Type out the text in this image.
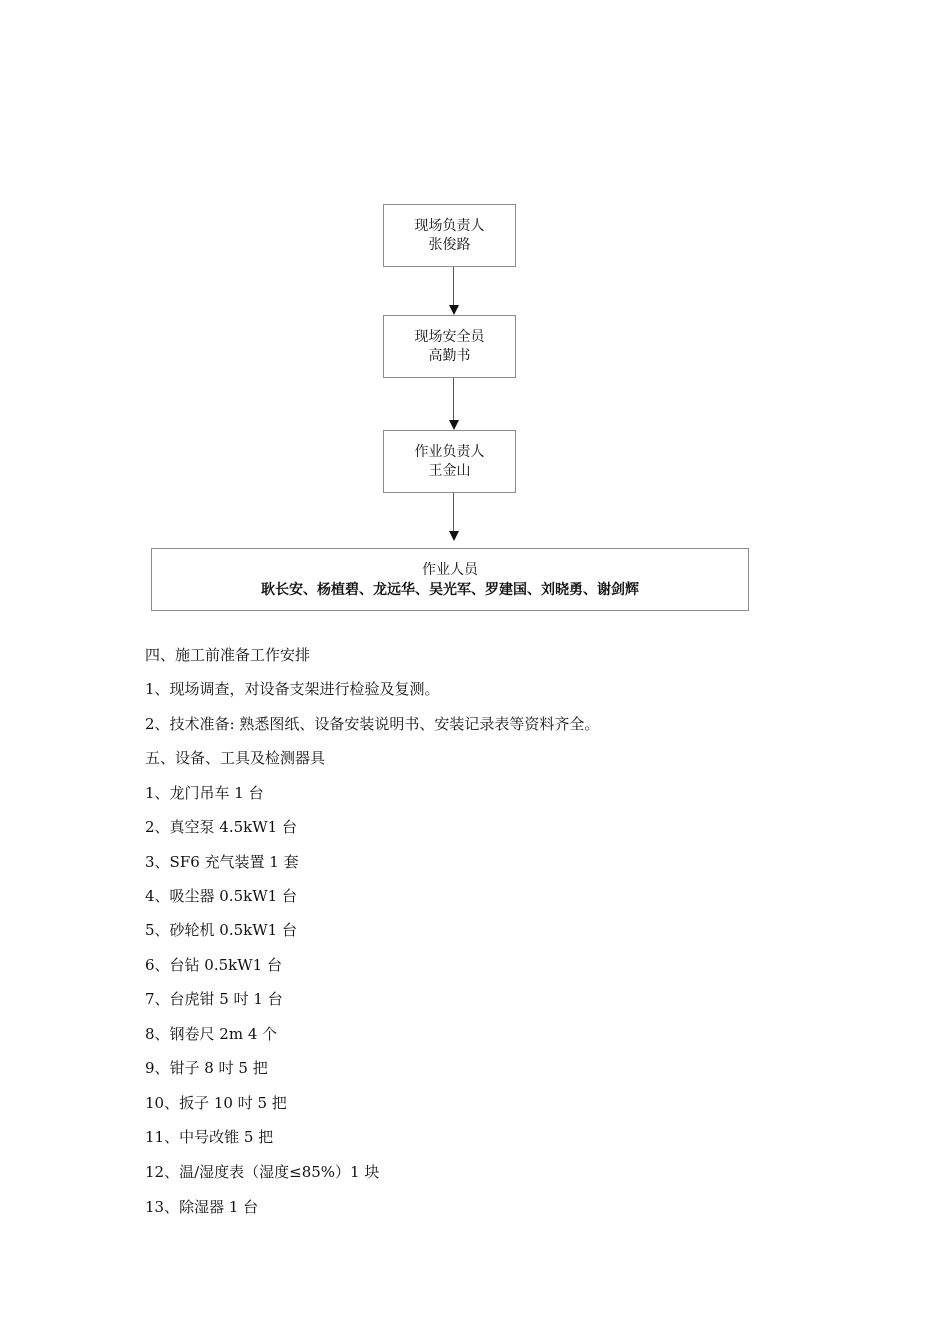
现场负责人
张俊路
现场安全员
高勤书
作业负责人
王金山
作业人员
耿长安、杨植碧、龙远华、吴光军、罗建国、刘晓勇、谢剑辉

四、施工前准备工作安排

1、现场调查，对设备支架进行检验及复测。

2、技术准备: 熟悉图纸、设备安装说明书、安装记录表等资料齐全。

五、设备、工具及检测器具

1、龙门吊车 1 台

2、真空泵 4.5kW1 台

3、SF6 充气装置 1 套

4、吸尘器 0.5kW1 台

5、砂轮机 0.5kW1 台

6、台钻 0.5kW1 台

7、台虎钳 5 吋 1 台

8、钢卷尺 2m 4 个

9、钳子 8 吋 5 把

10、扳子 10 吋 5 把

11、中号改锥 5 把

12、温/湿度表（湿度≤85%）1 块

13、除湿器 1 台
